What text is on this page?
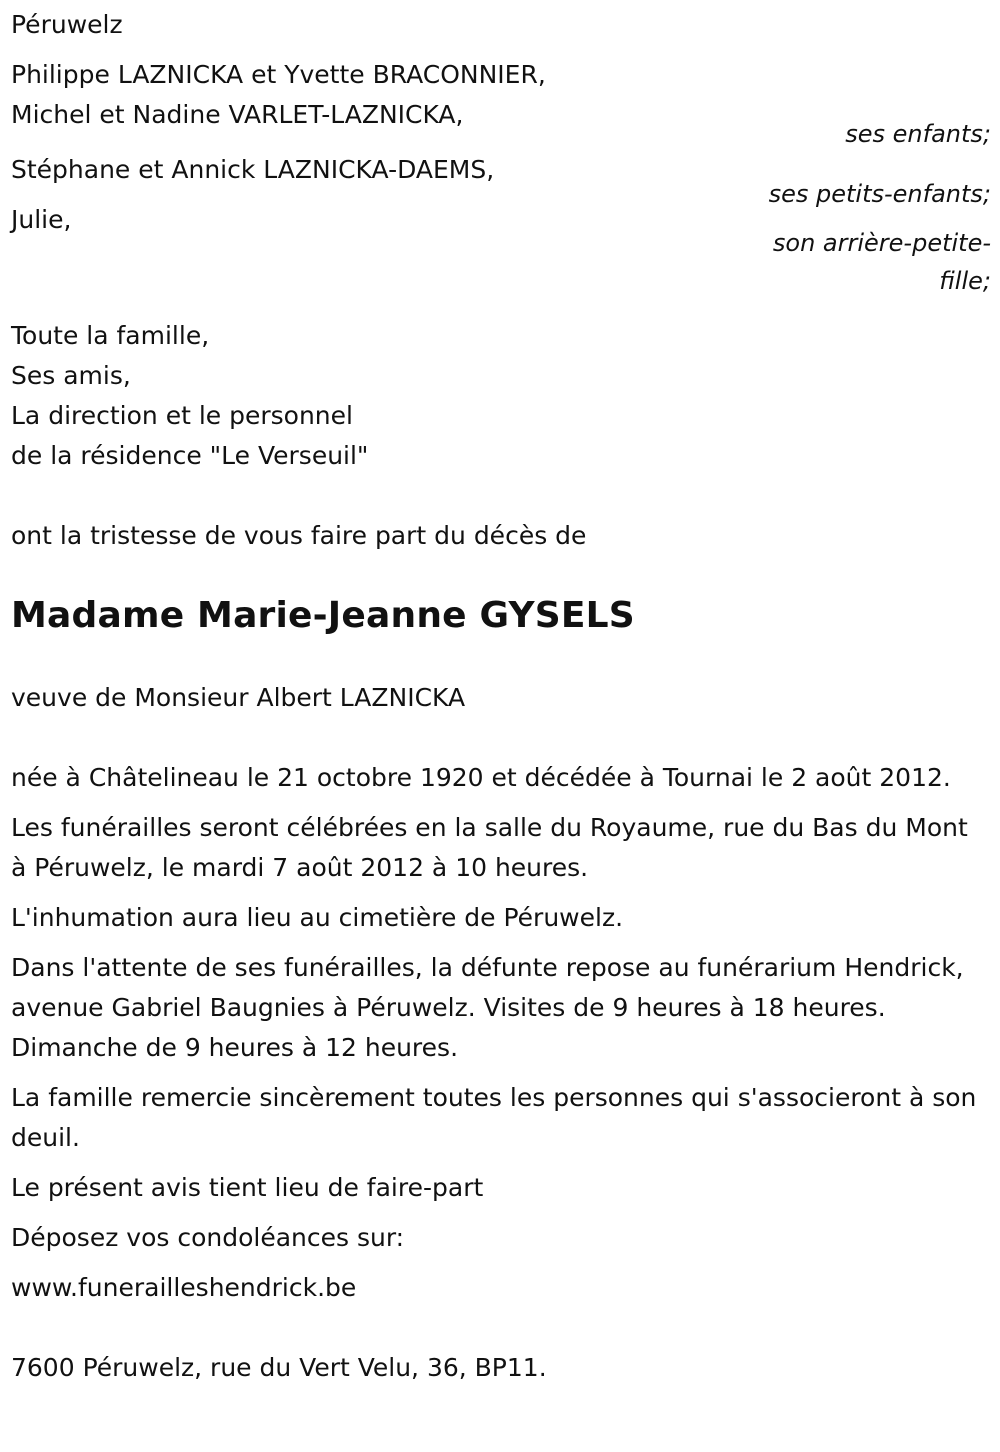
Péruwelz
Philippe LAZNICKA et Yvette BRACONNIER,
Michel et Nadine VARLET-LAZNICKA,
ses enfants;
Stéphane et Annick LAZNICKA-DAEMS,
ses petits-enfants;
Julie,
son arrière-petite-
fille;
Toute la famille,
Ses amis,
La direction et le personnel
de la résidence "Le Verseuil"
ont la tristesse de vous faire part du décès de
Madame Marie-Jeanne GYSELS
veuve de Monsieur Albert LAZNICKA

née à Châtelineau le 21 octobre 1920 et décédée à Tournai le 2 août 2012.

Les funérailles seront célébrées en la salle du Royaume, rue du Bas du Mont à Péruwelz, le mardi 7 août 2012 à 10 heures.

L'inhumation aura lieu au cimetière de Péruwelz.

Dans l'attente de ses funérailles, la défunte repose au funérarium Hendrick, avenue Gabriel Baugnies à Péruwelz. Visites de 9 heures à 18 heures. Dimanche de 9 heures à 12 heures.

La famille remercie sincèrement toutes les personnes qui s'associeront à son deuil.

Le présent avis tient lieu de faire-part

Déposez vos condoléances sur:

www.funerailleshendrick.be

7600 Péruwelz, rue du Vert Velu, 36, BP11.
